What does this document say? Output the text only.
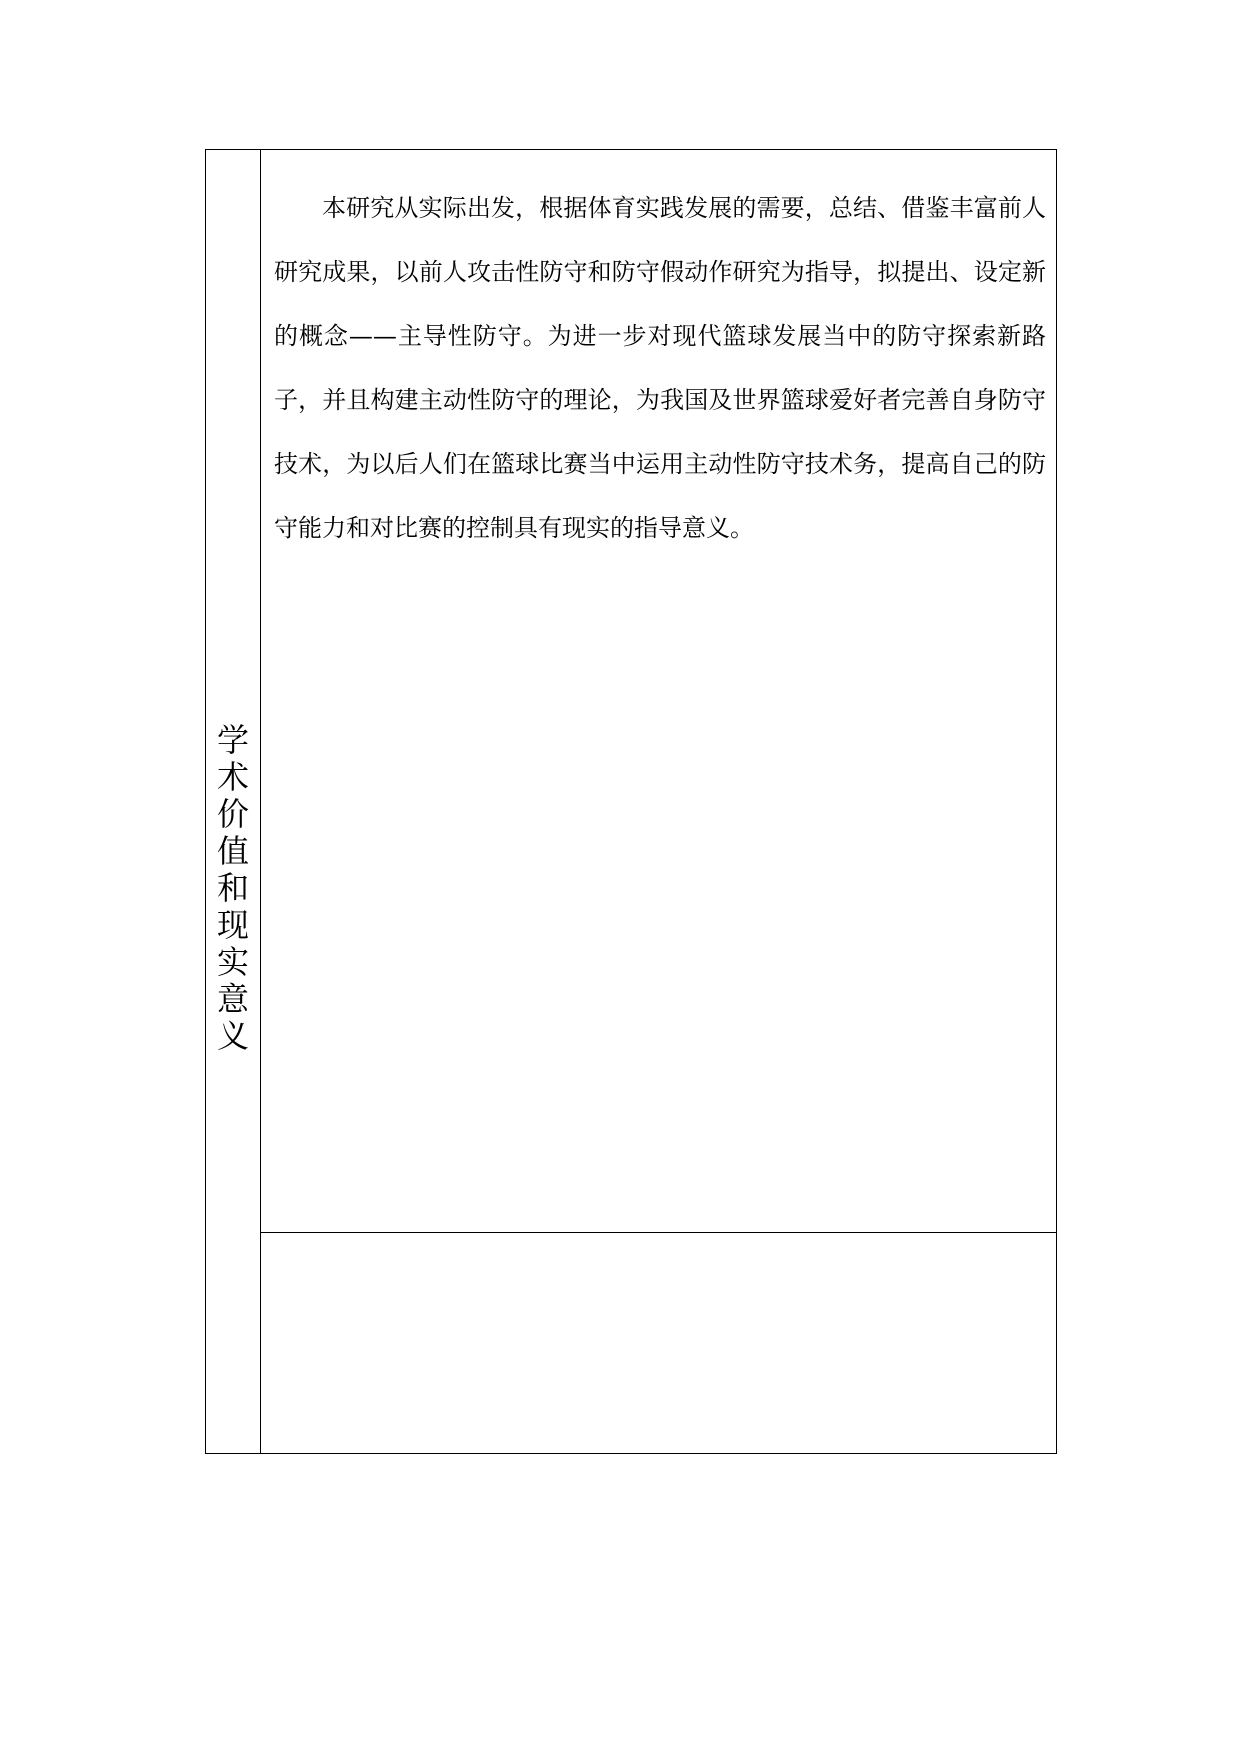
学
术
价
值
和
现
实
意
义

本研究从实际出发，根据体育实践发展的需要，总结、借鉴丰富前人研究成果，以前人攻击性防守和防守假动作研究为指导，拟提出、设定新的概念——主导性防守。为进一步对现代篮球发展当中的防守探索新路子，并且构建主动性防守的理论，为我国及世界篮球爱好者完善自身防守技术，为以后人们在篮球比赛当中运用主动性防守技术务，提高自己的防守能力和对比赛的控制具有现实的指导意义。
